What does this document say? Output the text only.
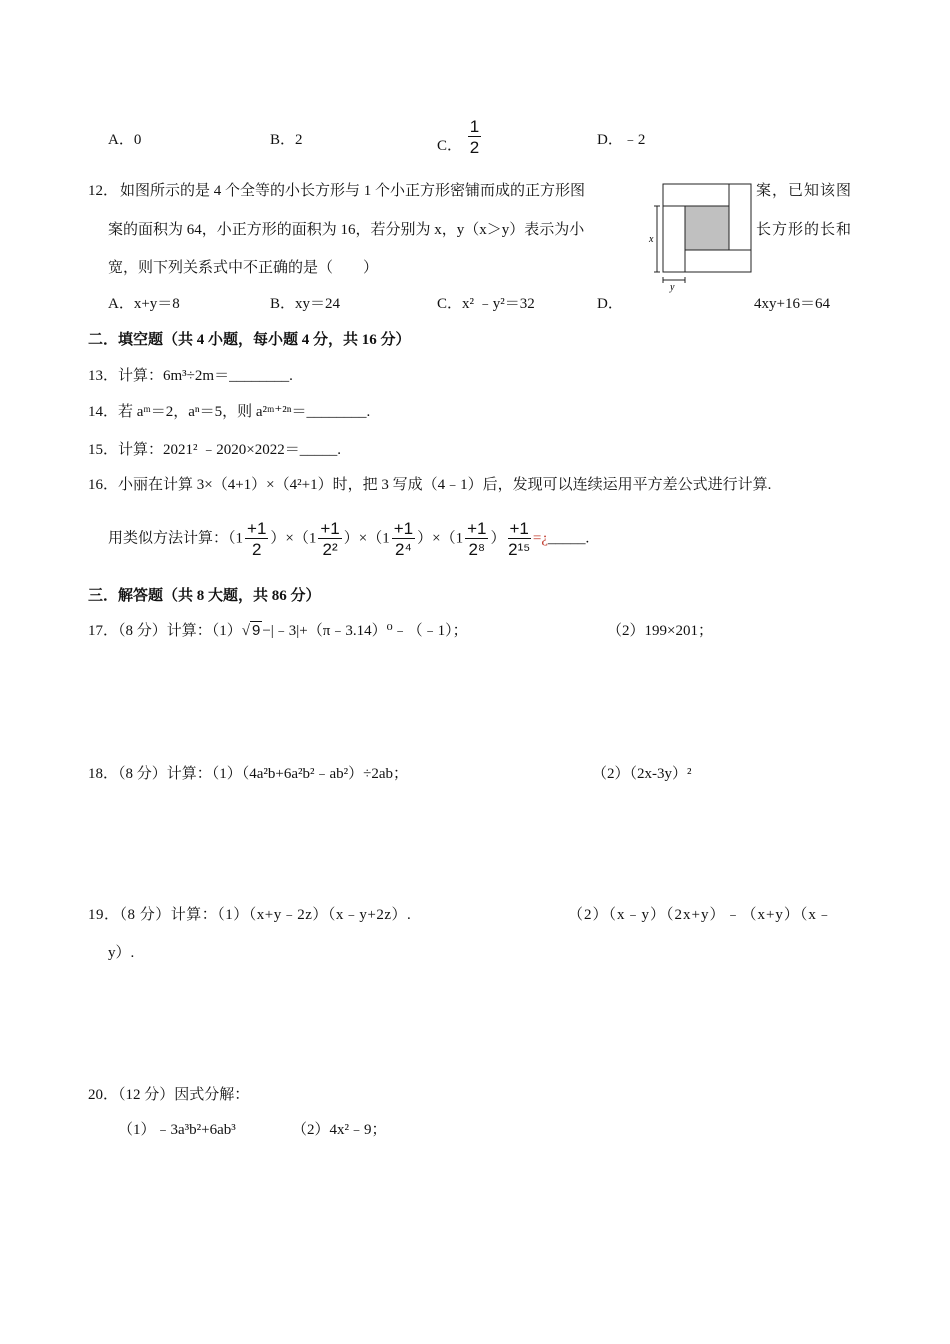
A．0	B．2	C． $\frac{1}{2}$	D．﹣2
12． 如图所示的是 4 个全等的小长方形与 1 个小正方形密铺而成的正方形图	案，已知该图
案的面积为 64，小正方形的面积为 16，若分别为 x，y（x＞y）表示为小	长方形的长和
宽，则下列关系式中不正确的是（　　）
x
y
A．x+y＝8	B．xy＝24	C．x² ﹣y²＝32	D．	4xy+16＝64
二．填空题（共 4 小题，每小题 4 分，共 16 分）
13．计算：6m³÷2m＝________.
14．若 aᵐ＝2，aⁿ＝5，则 a²ᵐ⁺²ⁿ＝________.
15．计算：2021² ﹣2020×2022＝_____.
16．小丽在计算 3×（4+1）×（4²+1）时，把 3 写成（4﹣1）后，发现可以连续运用平方差公式进行计算.
用类似方法计算：$(1 \frac{+1}{2} )\times(1 \frac{+1}{\text{2²}} )\times(1 \frac{+1}{\text{2⁴}} )\times(1 \frac{+1}{\text{2⁸}}$ ） $\frac{+1}{\text{2¹⁵}}$ =¿_____.
三．解答题（共 8 大题，共 86 分）
17．（8 分）计算：（1）√ 9 −|﹣3|+（π﹣3.14）⁰﹣（﹣1）；	（2）199×201；
18．（8 分）计算：（1）（4a²b+6a²b²﹣ab²）÷2ab；	（2）（2x-3y）²
19．（8 分）计算：（1）（x+y﹣2z）（x﹣y+2z）.	（2）（x﹣y）（2x+y）﹣（x+y）（x﹣
y）.
20．（12 分）因式分解：
（1）﹣3a³b²+6ab³	（2）4x²﹣9；
